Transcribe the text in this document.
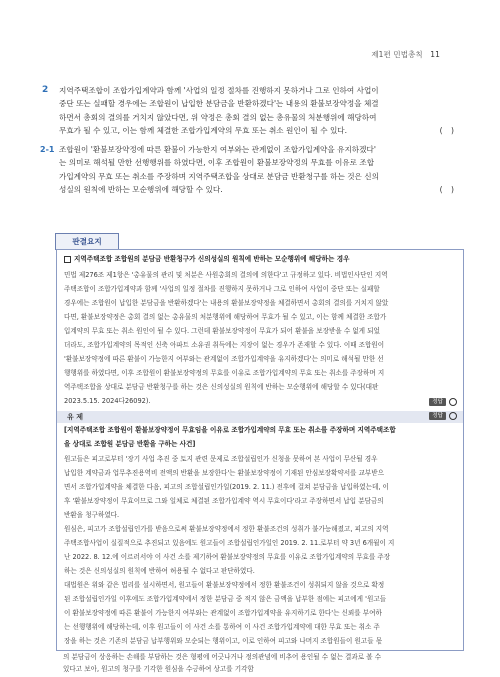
제1편 민법총칙 11
2 지역주택조합이 조합가입계약과 함께 '사업의 일정 절차를 진행하지 못하거나 그로 인하여 사업이
중단 또는 실패할 경우에는 조합원이 납입한 분담금을 반환하겠다'는 내용의 환불보장약정을 체결
하면서 총회의 결의를 거치지 않았다면, 위 약정은 총회 결의 없는 총유물의 처분행위에 해당하여
무효가 될 수 있고, 이는 함께 체결한 조합가입계약의 무효 또는 취소 원인이 될 수 있다.	( )
2-1 조합원이 '환불보장약정에 따른 환불이 가능한지 여부와는 관계없이 조합가입계약을 유지하겠다'
는 의미로 해석될 만한 선행행위를 하였다면, 이후 조합원이 환불보장약정의 무효를 이유로 조합
가입계약의 무효 또는 취소를 주장하며 지역주택조합을 상대로 분담금 반환청구를 하는 것은 신의
성실의 원칙에 반하는 모순행위에 해당할 수 있다.	( )
판결요지
지역주택조합 조합원의 분담금 반환청구가 신의성실의 원칙에 반하는 모순행위에 해당하는 경우
민법 제276조 제1항은 '총유물의 관리 및 처분은 사원총회의 결의에 의한다'고 규정하고 있다. 비법인사단인 지역
주택조합이 조합가입계약과 함께 '사업의 일정 절차를 진행하지 못하거나 그로 인하여 사업이 중단 또는 실패할
경우에는 조합원이 납입한 분담금을 반환하겠다'는 내용의 환불보장약정을 체결하면서 총회의 결의를 거치지 않았
다면, 환불보장약정은 총회 결의 없는 총유물의 처분행위에 해당하여 무효가 될 수 있고, 이는 함께 체결한 조합가
입계약의 무효 또는 취소 원인이 될 수 있다. 그런데 환불보장약정이 무효가 되어 환불을 보장받을 수 없게 되었
더라도, 조합가입계약의 목적인 신축 아파트 소유권 취득에는 지장이 없는 경우가 존재할 수 있다. 이때 조합원이
'환불보장약정에 따른 환불이 가능한지 여부와는 관계없이 조합가입계약을 유지하겠다'는 의미로 해석될 만한 선
행행위를 하였다면, 이후 조합원이 환불보장약정의 무효를 이유로 조합가입계약의 무효 또는 취소를 주장하며 지
역주택조합을 상대로 분담금 반환청구를 하는 것은 신의성실의 원칙에 반하는 모순행위에 해당할 수 있다(대판
2023.5.15. 2024다26092).	정답
유 제	정답
[지역주택조합 조합원이 환불보장약정이 무효임을 이유로 조합가입계약의 무효 또는 취소를 주장하며 지역주택조합
을 상대로 조합원 분담금 반환을 구하는 사건]
원고들은 피고로부터 '장기 사업 추진 중 토지 관련 문제로 조합설립인가 신청을 못하여 본 사업이 무산될 경우
납입한 계약금과 업무추진용역비 전액의 반환을 보장한다'는 환불보장약정이 기재된 안심보장확약서를 교부받으
면서 조합가입계약을 체결한 다음, 피고의 조합설립인가일(2019. 2. 11.) 전후에 걸쳐 분담금을 납입하였는데, 이
후 '환불보장약정이 무효이므로 그와 일체로 체결된 조합가입계약 역시 무효이다'라고 주장하면서 납입 분담금의
반환을 청구하였다.
원심은, 피고가 조합설립인가를 받음으로써 환불보장약정에서 정한 환불조건의 성취가 불가능해졌고, 피고의 지역
주택조합사업이 실질적으로 추진되고 있음에도 원고들이 조합설립인가일인 2019. 2. 11.로부터 약 3년 6개월이 지
난 2022. 8. 12.에 이르러서야 이 사건 소를 제기하여 환불보장약정의 무효를 이유로 조합가입계약의 무효를 주장
하는 것은 신의성실의 원칙에 반하여 허용될 수 없다고 판단하였다.
대법원은 위와 같은 법리를 설시하면서, 원고들이 환불보장약정에서 정한 환불조건이 성취되지 않을 것으로 확정
된 조합설립인가일 이후에도 조합가입계약에서 정한 분담금 중 적지 않은 금액을 납부한 점에는 피고에게 '원고들
이 환불보장약정에 따른 환불이 가능한지 여부와는 관계없이 조합가입계약을 유지하기로 한다'는 신뢰를 부여하
는 선행행위에 해당하는데, 이후 원고들이 이 사건 소를 통하여 이 사건 조합가입계약에 대한 무효 또는 취소 주
장을 하는 것은 기존의 분담금 납부행위와 모순되는 행위이고, 이로 인하여 피고와 나머지 조합원들이 원고들 몫
의 분담금이 상응하는 손해를 부담하는 것은 형평에 어긋나거나 정의관념에 비추어 용인될 수 없는 결과로 볼 수
있다고 보아, 원고의 청구를 기각한 원심을 수긍하여 상고를 기각함
